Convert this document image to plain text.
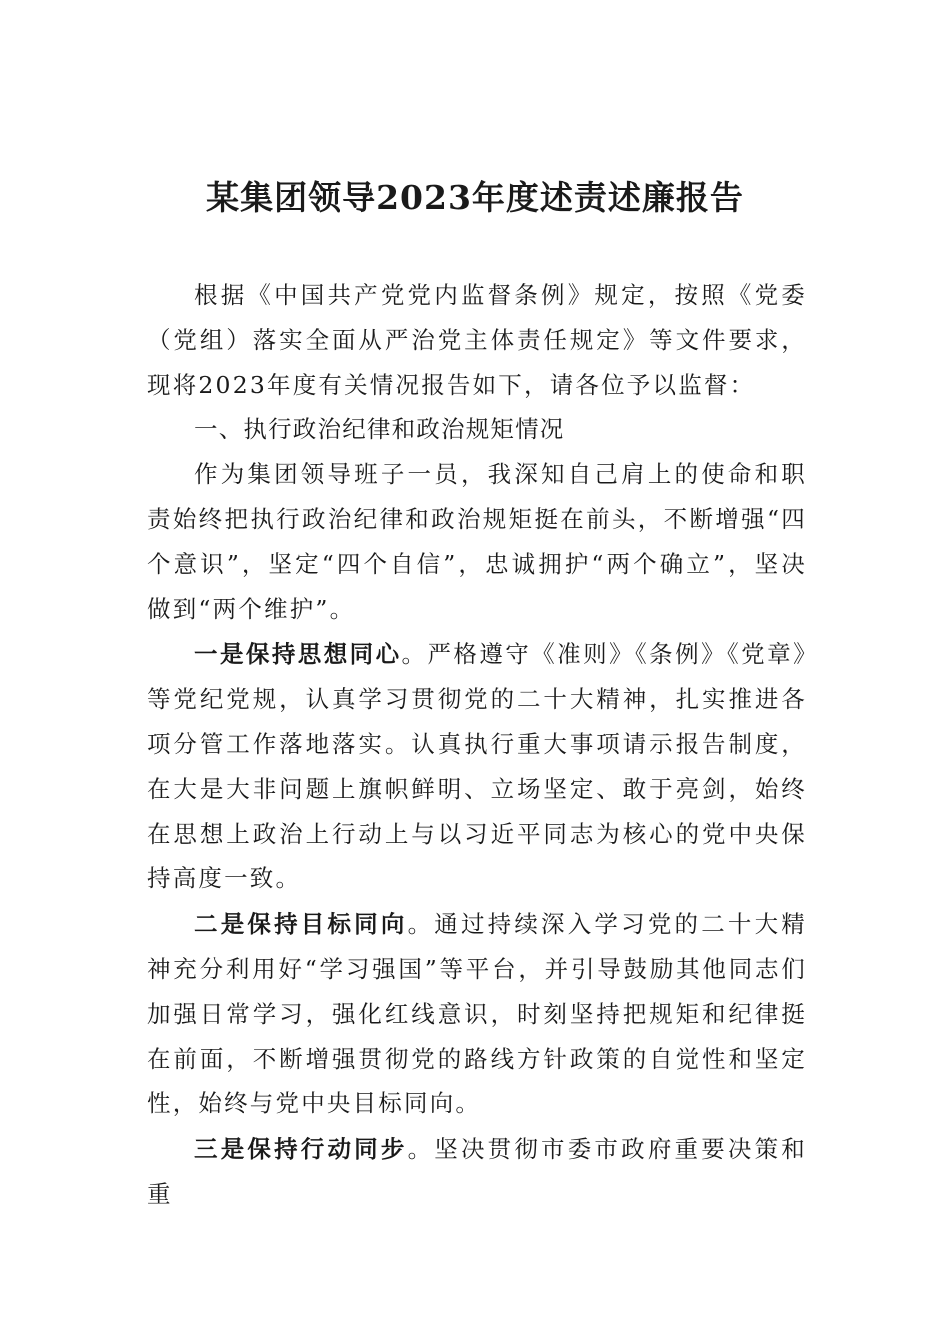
某集团领导2023年度述责述廉报告

根据《中国共产党党内监督条例》规定，按照《党委（党组）落实全面从严治党主体责任规定》等文件要求，现将2023年度有关情况报告如下，请各位予以监督：

一、执行政治纪律和政治规矩情况

作为集团领导班子一员，我深知自己肩上的使命和职责始终把执行政治纪律和政治规矩挺在前头，不断增强“四个意识”，坚定“四个自信”，忠诚拥护“两个确立”，坚决做到“两个维护”。

一是保持思想同心。严格遵守《准则》《条例》《党章》等党纪党规，认真学习贯彻党的二十大精神，扎实推进各项分管工作落地落实。认真执行重大事项请示报告制度，在大是大非问题上旗帜鲜明、立场坚定、敢于亮剑，始终在思想上政治上行动上与以习近平同志为核心的党中央保持高度一致。

二是保持目标同向。通过持续深入学习党的二十大精神充分利用好“学习强国”等平台，并引导鼓励其他同志们加强日常学习，强化红线意识，时刻坚持把规矩和纪律挺在前面，不断增强贯彻党的路线方针政策的自觉性和坚定性，始终与党中央目标同向。

三是保持行动同步。坚决贯彻市委市政府重要决策和重
